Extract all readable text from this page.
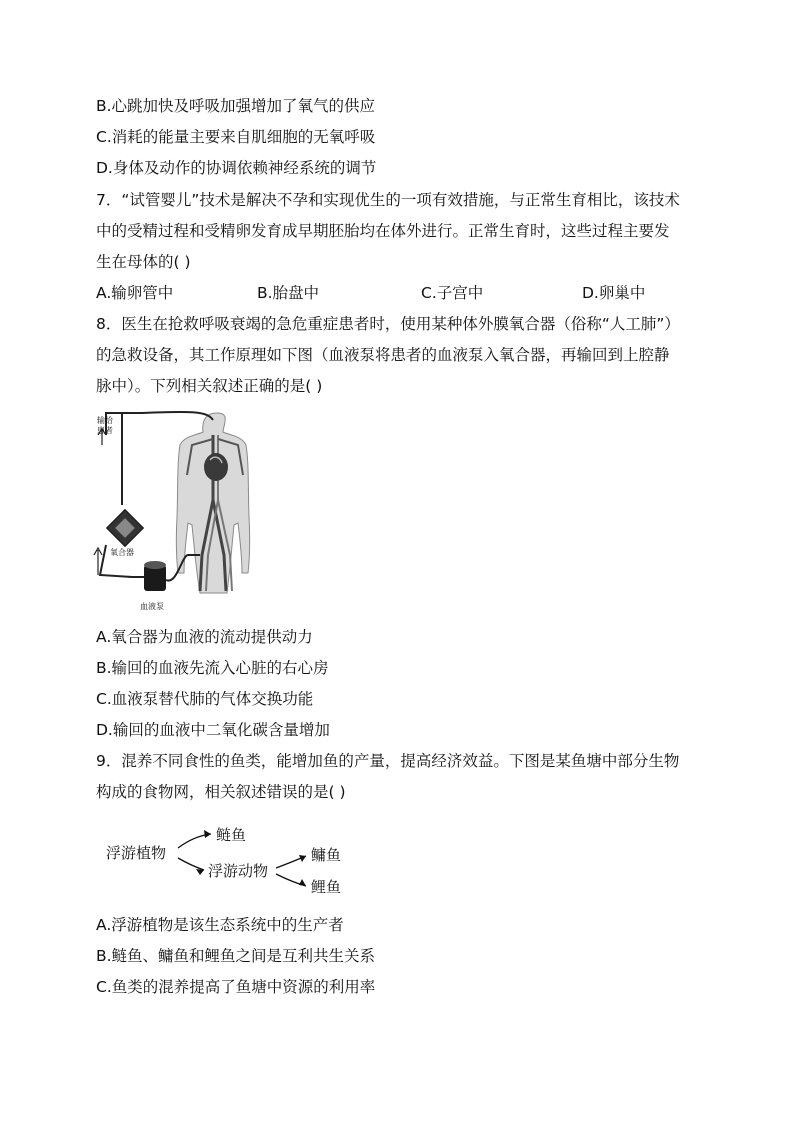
B.心跳加快及呼吸加强增加了氧气的供应
C.消耗的能量主要来自肌细胞的无氧呼吸
D.身体及动作的协调依赖神经系统的调节
7．“试管婴儿”技术是解决不孕和实现优生的一项有效措施，与正常生育相比，该技术
中的受精过程和受精卵发育成早期胚胎均在体外进行。正常生育时，这些过程主要发
生在母体的( )
A.输卵管中	B.胎盘中	C.子宫中	D.卵巢中
8．医生在抢救呼吸衰竭的急危重症患者时，使用某种体外膜氧合器（俗称“人工肺”）
的急救设备，其工作原理如下图（血液泵将患者的血液泵入氧合器，再输回到上腔静
脉中）。下列相关叙述正确的是( )
输给患者
氧合器
血液泵
A.氧合器为血液的流动提供动力
B.输回的血液先流入心脏的右心房
C.血液泵替代肺的气体交换功能
D.输回的血液中二氧化碳含量增加
9．混养不同食性的鱼类，能增加鱼的产量，提高经济效益。下图是某鱼塘中部分生物
构成的食物网，相关叙述错误的是( )
浮游植物
鲢鱼
浮游动物
鳙鱼
鲤鱼
A.浮游植物是该生态系统中的生产者
B.鲢鱼、鳙鱼和鲤鱼之间是互利共生关系
C.鱼类的混养提高了鱼塘中资源的利用率
